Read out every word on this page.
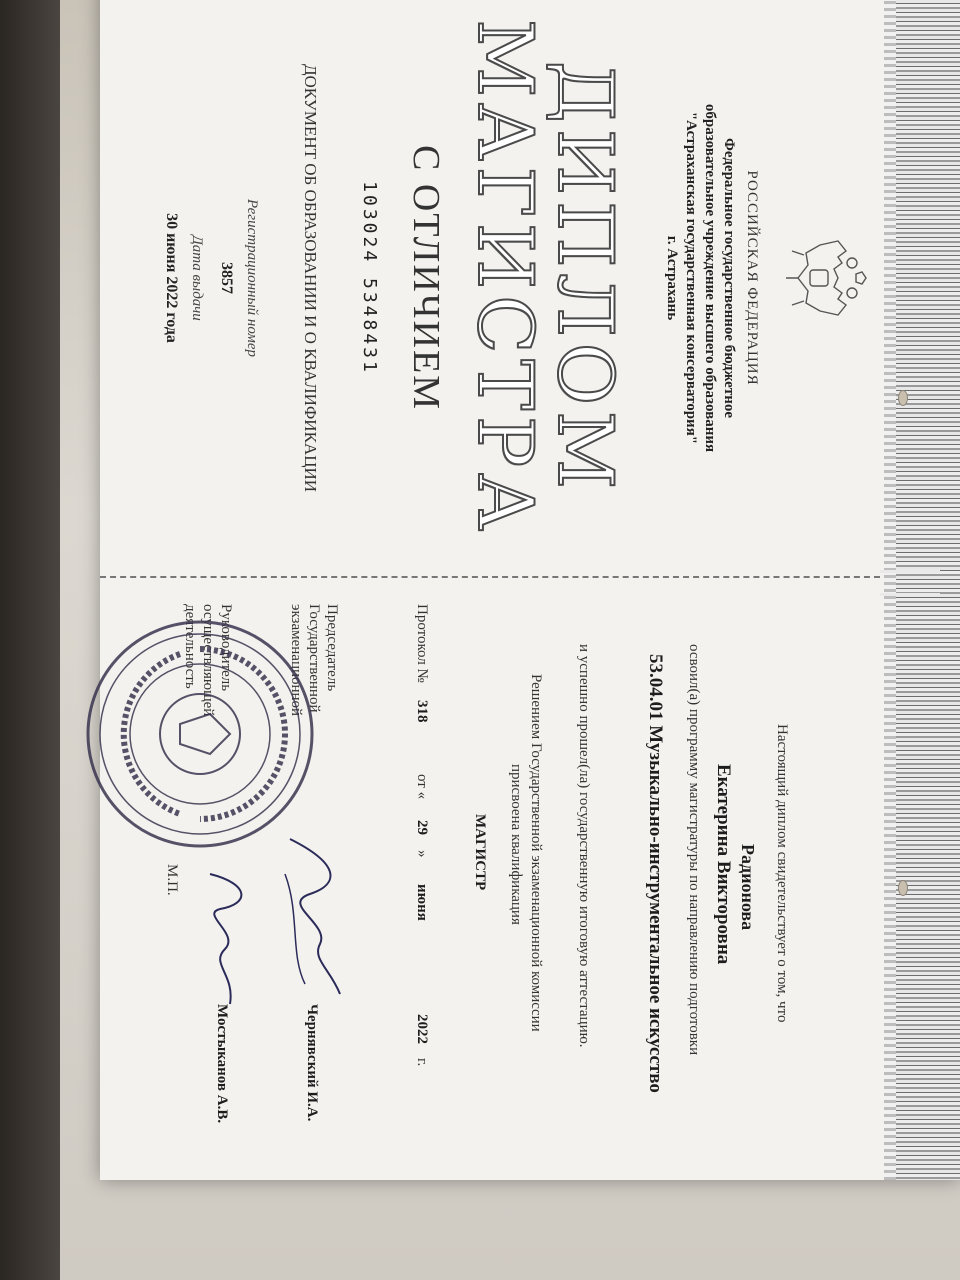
РОССИЙСКАЯ ФЕДЕРАЦИЯ
Федеральное государственное бюджетное
образовательное учреждение высшего образования
"Астраханская государственная консерватория"
г. Астрахань
ДИПЛОМ
МАГИСТРА
С ОТЛИЧИЕМ
103024 5348431
ДОКУМЕНТ ОБ ОБРАЗОВАНИИ И О КВАЛИФИКАЦИИ
Регистрационный номер
3857
Дата выдачи
30 июня 2022 года
Настоящий диплом свидетельствует о том, что
Радионова
Екатерина Викторовна
освоил(а) программу магистратуры по направлению подготовки
53.04.01 Музыкально-инструментальное искусство
и успешно прошел(ла) государственную итоговую аттестацию.
Решением Государственной экзаменационной комиссии
присвоена квалификация
МАГИСТР
Протокол №
318
от «
29
»
июня
2022
г.
Председатель
Государственной
экзаменационной
Чернявский И.А.
Руководитель
осуществляющей
деятельность
Мостыканов А.В.
М.П.
